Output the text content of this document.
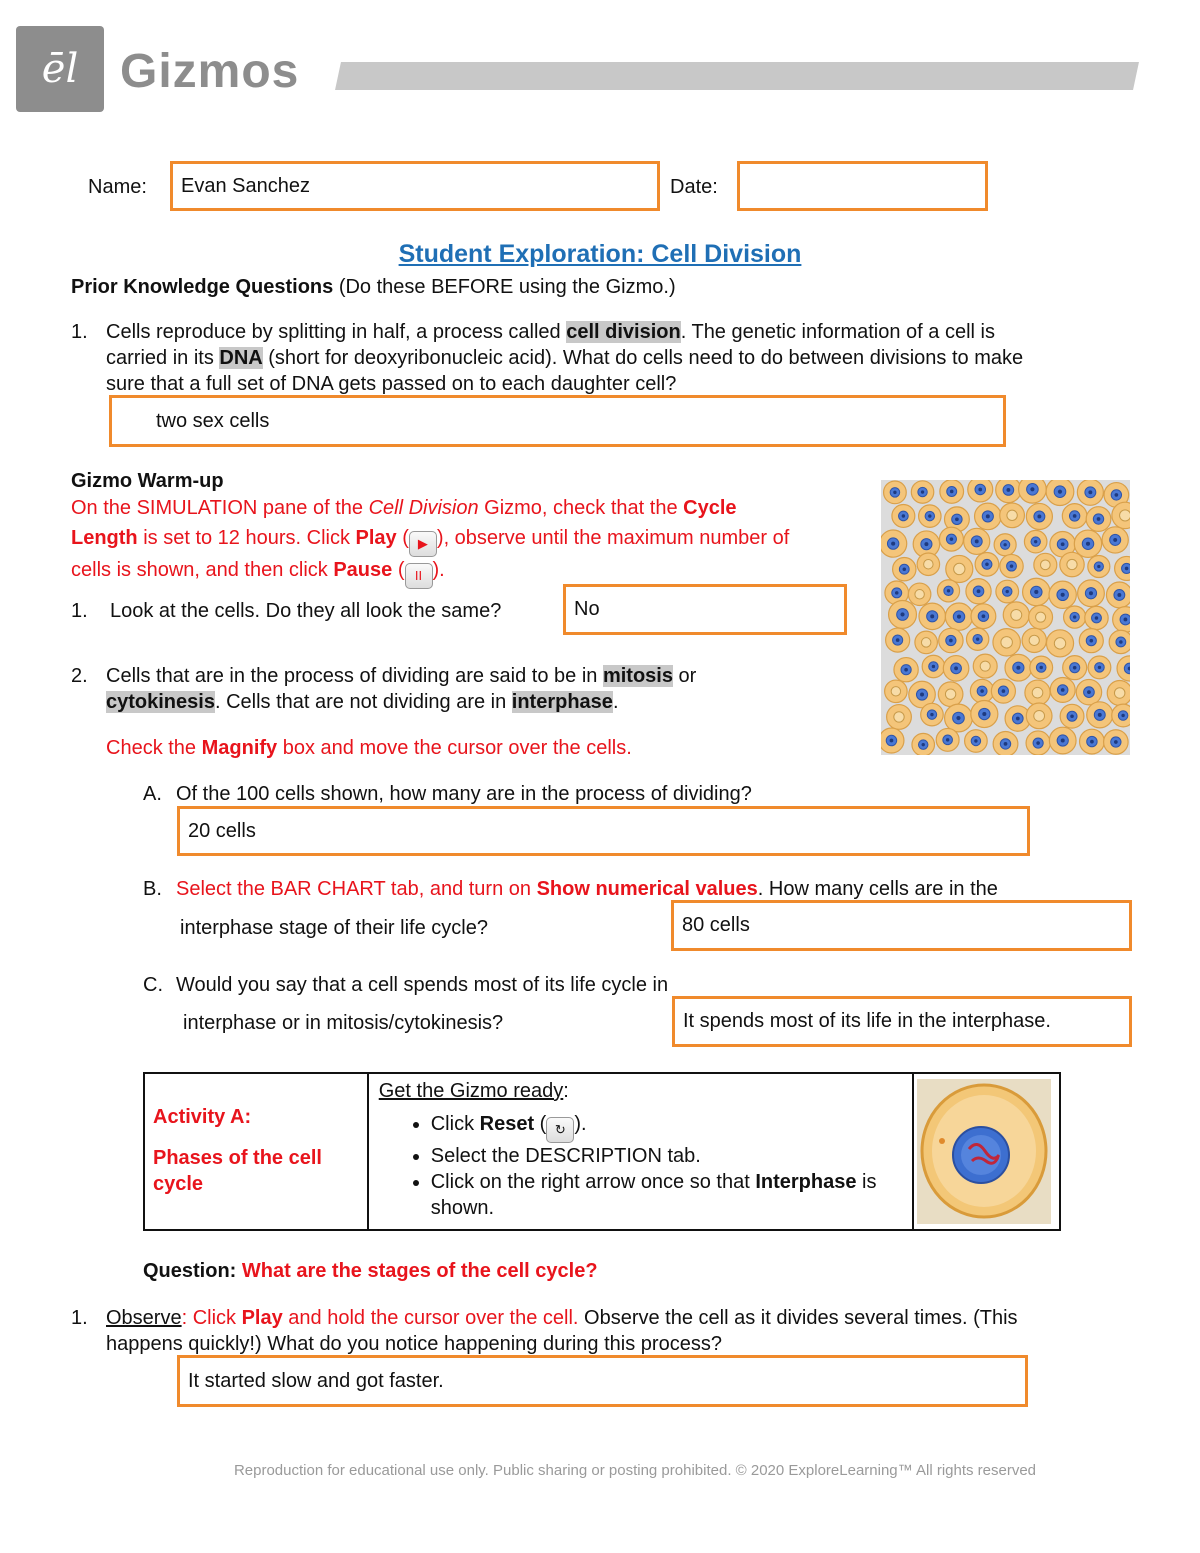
ēl Gizmos
Name:	Evan Sanchez	Date:
Student Exploration: Cell Division
Prior Knowledge Questions (Do these BEFORE using the Gizmo.)
1. Cells reproduce by splitting in half, a process called cell division. The genetic information of a cell is
carried in its DNA (short for deoxyribonucleic acid). What do cells need to do between divisions to make
sure that a full set of DNA gets passed on to each daughter cell?
two sex cells
Gizmo Warm-up
On the SIMULATION pane of the Cell Division Gizmo, check that the Cycle
Length is set to 12 hours. Click Play ( ▶ ), observe until the maximum number of
cells is shown, and then click Pause ( II ).
1. Look at the cells. Do they all look the same?	No
2. Cells that are in the process of dividing are said to be in mitosis or
cytokinesis. Cells that are not dividing are in interphase.
Check the Magnify box and move the cursor over the cells.
A. Of the 100 cells shown, how many are in the process of dividing?
20 cells
B. Select the BAR CHART tab, and turn on Show numerical values. How many cells are in the
interphase stage of their life cycle?	80 cells
C. Would you say that a cell spends most of its life cycle in
interphase or in mitosis/cytokinesis?	It spends most of its life in the interphase.
Activity A:
Phases of the cell cycle

Get the Gizmo ready:
• Click Reset ( ↻ ).
• Select the DESCRIPTION tab.
• Click on the right arrow once so that Interphase is shown.

Question: What are the stages of the cell cycle?
1. Observe: Click Play and hold the cursor over the cell. Observe the cell as it divides several times. (This
happens quickly!) What do you notice happening during this process?
It started slow and got faster.
Reproduction for educational use only. Public sharing or posting prohibited. © 2020 ExploreLearning™ All rights reserved
